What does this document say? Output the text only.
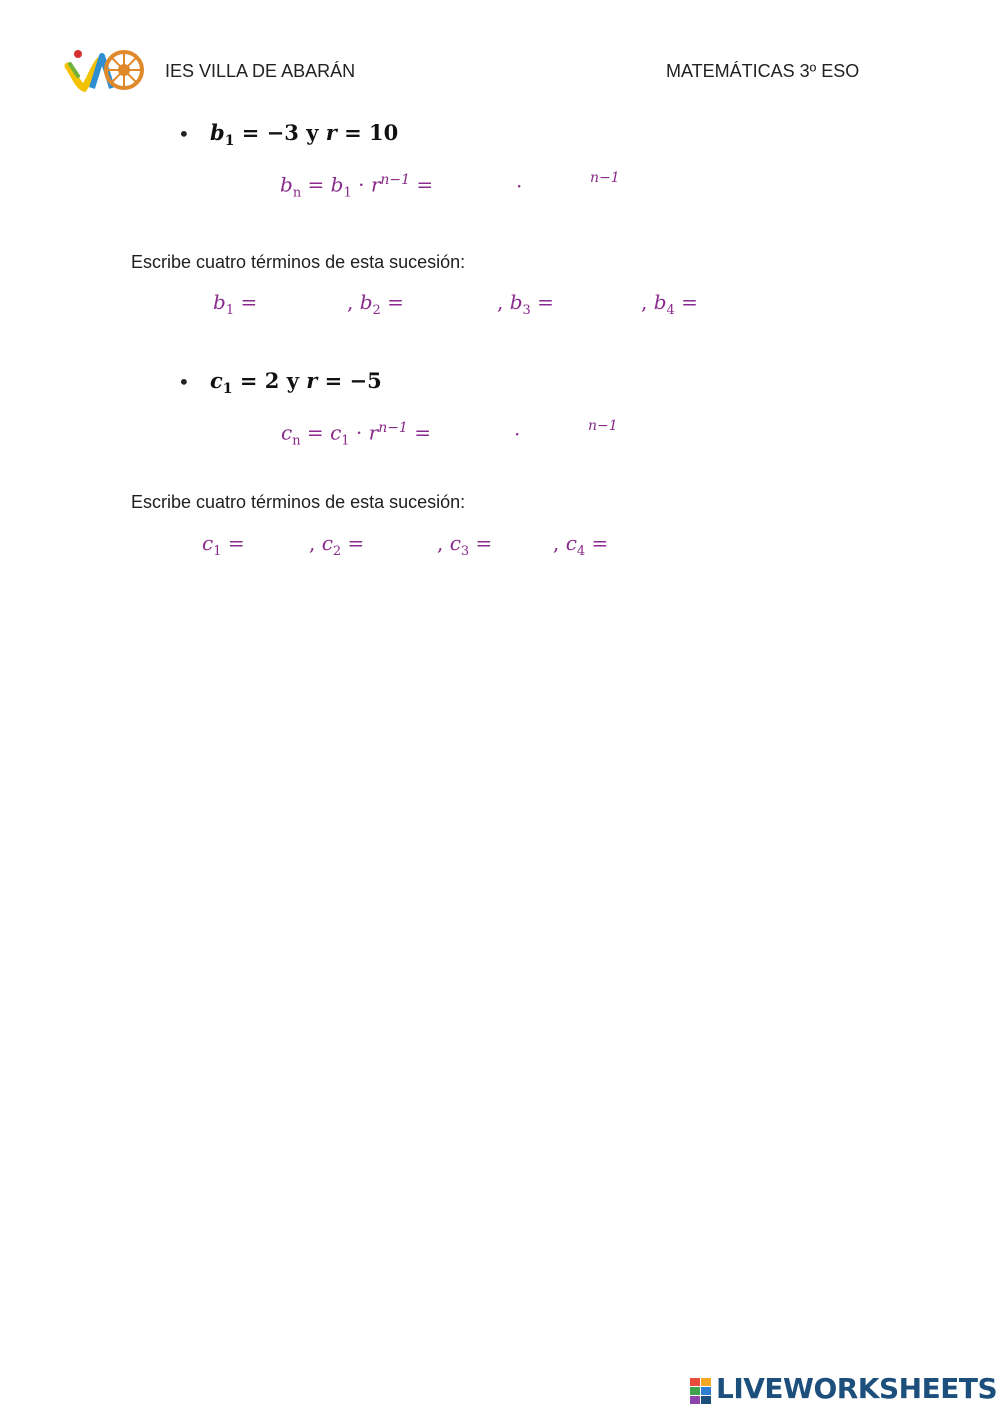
IES VILLA DE ABARÁN	MATEMÁTICAS 3º ESO
• $b_1 = -3$ y r = 10
$b_n = b_1 \cdot r^{n-1}$ =	·	n−1
Escribe cuatro términos de esta sucesión:
$b_1$ =	, $b_2$ =	, $b_3$ =	, $b_4$ =
• $c_1 = 2$ y r = −5
$c_n = c_1 \cdot r^{n-1}$ =	·	n−1
Escribe cuatro términos de esta sucesión:
$c_1$ =	, $c_2$ =	, $c_3$ =	, $c_4$ =
LIVEWORKSHEETS
